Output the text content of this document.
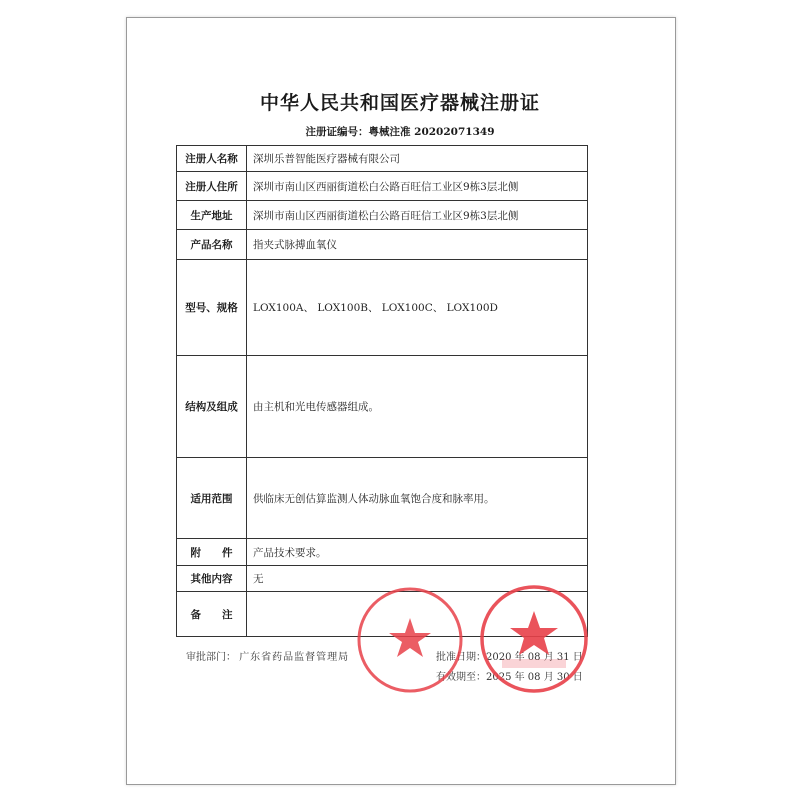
中华人民共和国医疗器械注册证
注册证编号：粤械注准 20202071349
注册人名称	深圳乐普智能医疗器械有限公司
注册人住所	深圳市南山区西丽街道松白公路百旺信工业区9栋3层北侧
生产地址	深圳市南山区西丽街道松白公路百旺信工业区9栋3层北侧
产品名称	指夹式脉搏血氧仪
型号、规格	LOX100A、 LOX100B、 LOX100C、 LOX100D
结构及组成	由主机和光电传感器组成。
适用范围	供临床无创估算监测人体动脉血氧饱合度和脉率用。
附　　件	产品技术要求。
其他内容	无
备　　注	
审批部门： 广东省药品监督管理局	批准日期：2020 年 08 月 31 日
有效期至：2025 年 08 月 30 日
